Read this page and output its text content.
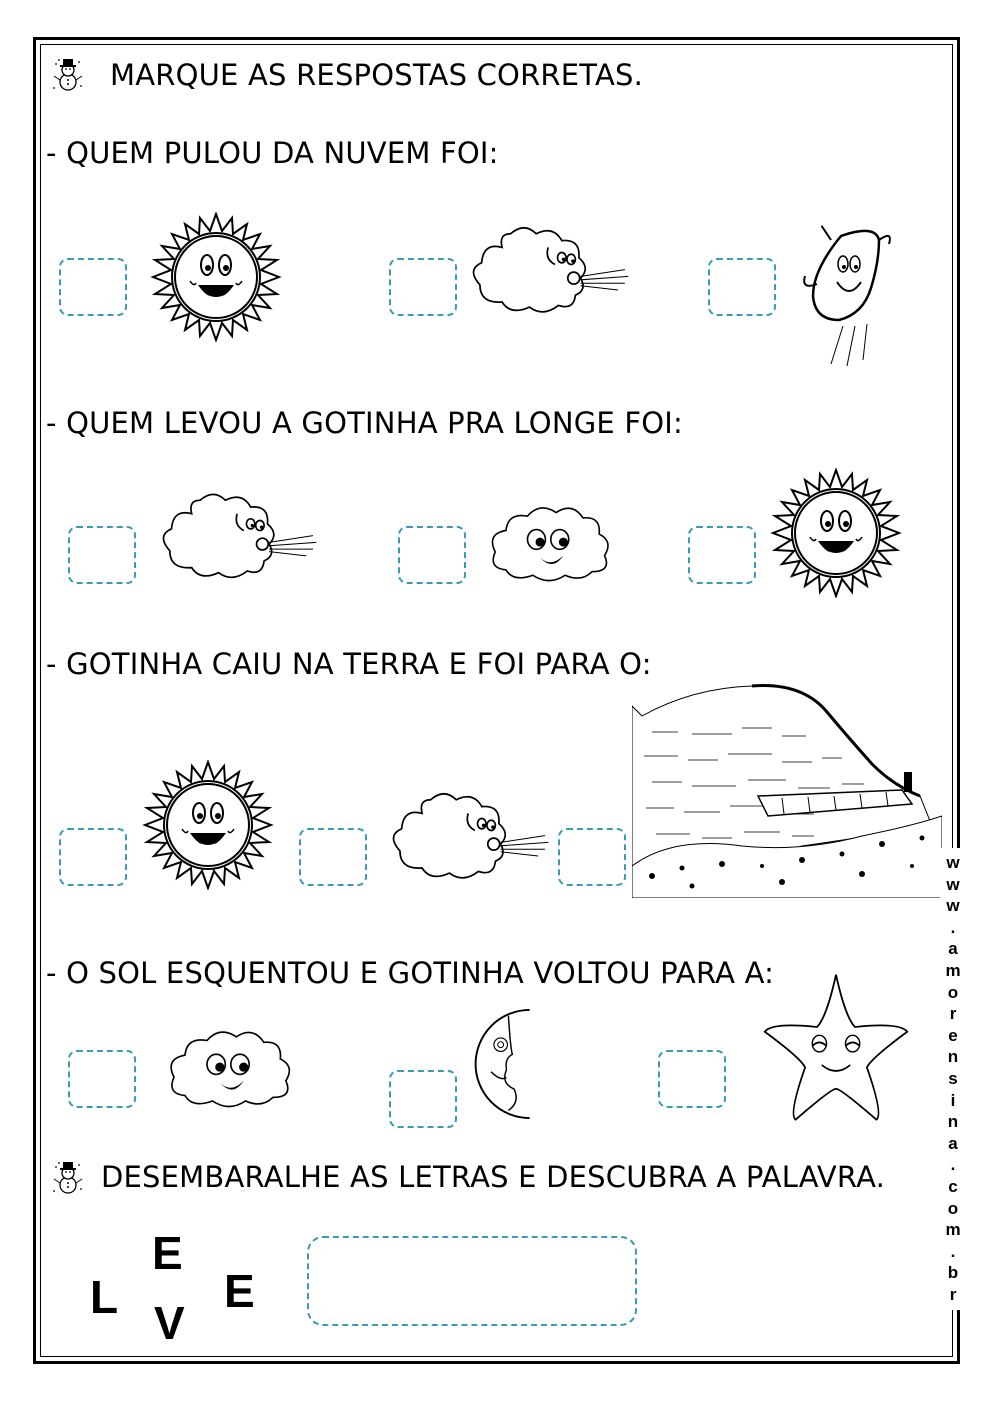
MARQUE AS RESPOSTAS CORRETAS.
- QUEM PULOU DA NUVEM FOI:
- QUEM LEVOU A GOTINHA PRA LONGE FOI:
- GOTINHA CAIU NA TERRA E FOI PARA O:
- O SOL ESQUENTOU E GOTINHA VOLTOU PARA A:
DESEMBARALHE AS LETRAS E DESCUBRA A PALAVRA.
L
E
V
E
w
w
w
.
a
m
o
r
e
n
s
i
n
a
.
c
o
m
.
b
r
